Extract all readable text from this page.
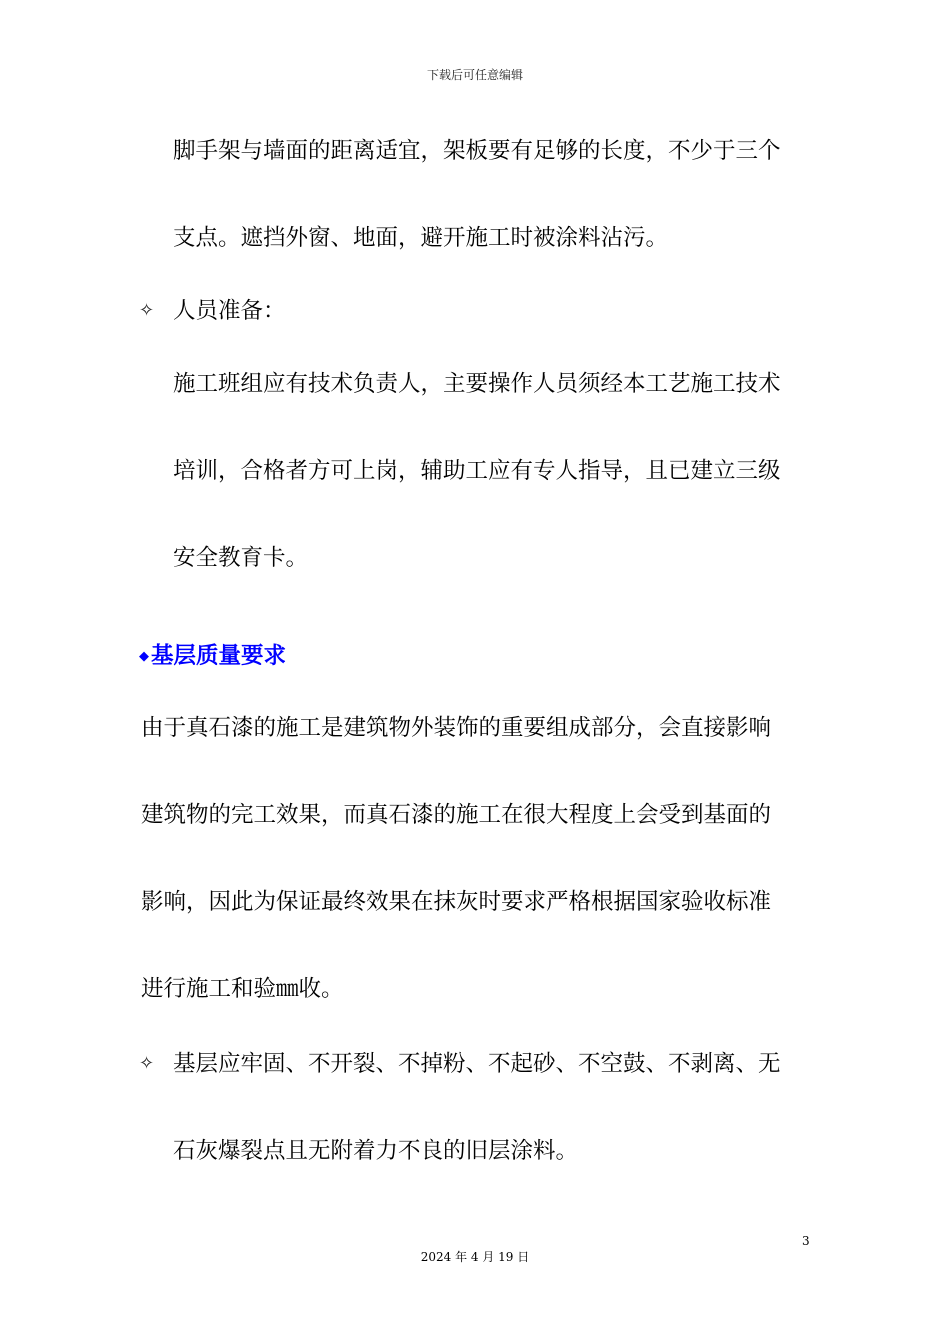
下载后可任意编辑
脚手架与墙面的距离适宜，架板要有足够的长度，不少于三个
支点。遮挡外窗、地面，避开施工时被涂料沾污。
✧ 人员准备：
施工班组应有技术负责人，主要操作人员须经本工艺施工技术
培训，合格者方可上岗，辅助工应有专人指导，且已建立三级
安全教育卡。
◆基层质量要求
由于真石漆的施工是建筑物外装饰的重要组成部分，会直接影响
建筑物的完工效果，而真石漆的施工在很大程度上会受到基面的
影响，因此为保证最终效果在抹灰时要求严格根据国家验收标准
进行施工和验㎜收。
✧ 基层应牢固、不开裂、不掉粉、不起砂、不空鼓、不剥离、无
石灰爆裂点且无附着力不良的旧层涂料。
3
2024 年 4 月 19 日
